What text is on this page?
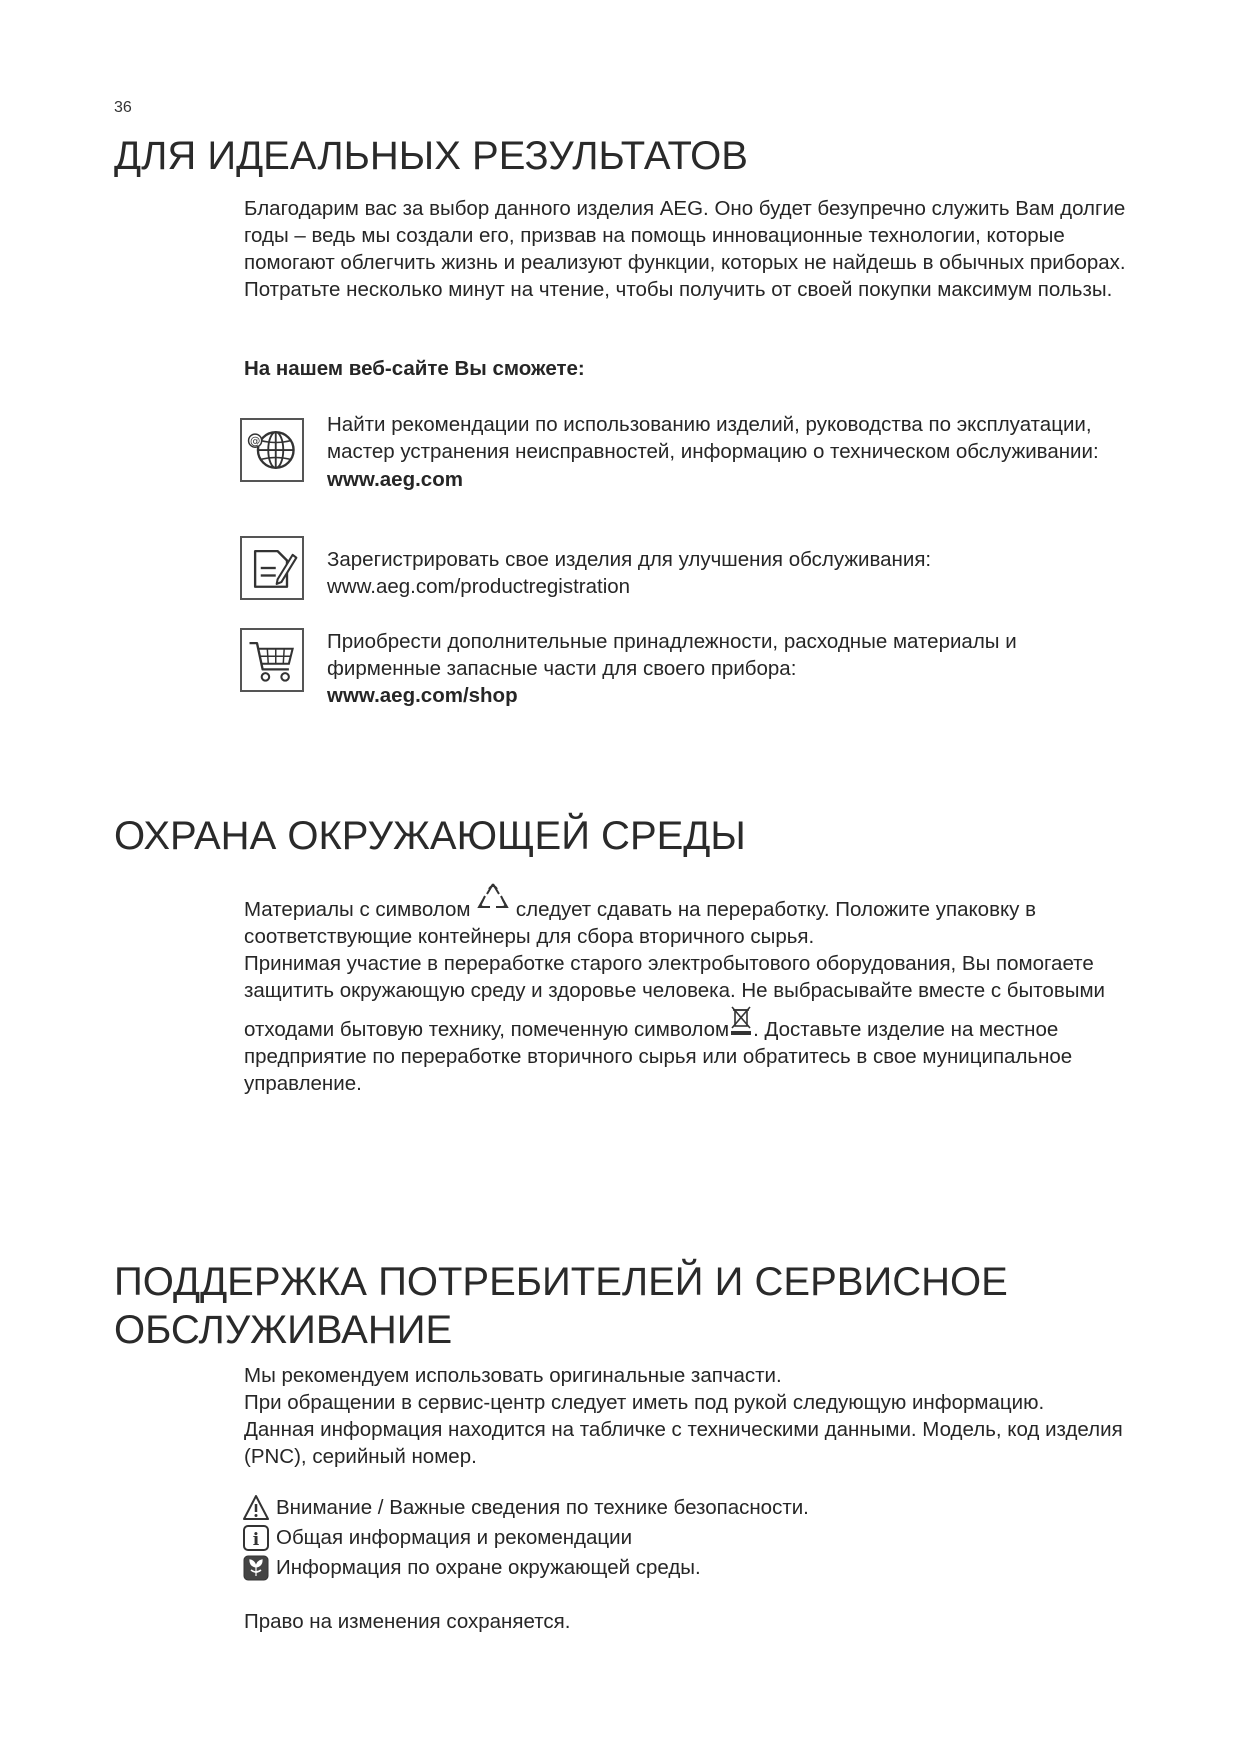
36
ДЛЯ ИДЕАЛЬНЫХ РЕЗУЛЬТАТОВ

Благодарим вас за выбор данного изделия AEG. Оно будет безупречно служить Вам долгие годы – ведь мы создали его, призвав на помощь инновационные технологии, которые помогают облегчить жизнь и реализуют функции, которых не найдешь в обычных приборах. Потратьте несколько минут на чтение, чтобы получить от своей покупки максимум пользы.

На нашем веб-сайте Вы сможете:
@
Найти рекомендации по использованию изделий, руководства по эксплуатации, мастер устранения неисправностей, информацию о техническом обслуживании:
www.aeg.com
Зарегистрировать свое изделия для улучшения обслуживания:
www.aeg.com/productregistration
Приобрести дополнительные принадлежности, расходные материалы и фирменные запасные части для своего прибора:
www.aeg.com/shop
ОХРАНА ОКРУЖАЮЩЕЙ СРЕДЫ

Материалы с символом следует сдавать на переработку. Положите упаковку в соответствующие контейнеры для сбора вторичного сырья.

Принимая участие в переработке старого электробытового оборудования, Вы помогаете защитить окружающую среду и здоровье человека. Не выбрасывайте вместе с бытовыми отходами бытовую технику, помеченную символом . Доставьте изделие на местное предприятие по переработке вторичного сырья или обратитесь в свое муниципальное управление.

ПОДДЕРЖКА ПОТРЕБИТЕЛЕЙ И СЕРВИСНОЕ
ОБСЛУЖИВАНИЕ

Мы рекомендуем использовать оригинальные запчасти.

При обращении в сервис-центр следует иметь под рукой следующую информацию.

Данная информация находится на табличке с техническими данными. Модель, код изделия (PNC), серийный номер.

Внимание / Важные сведения по технике безопасности.
i Общая информация и рекомендации
Информация по охране окружающей среды.
Право на изменения сохраняется.
